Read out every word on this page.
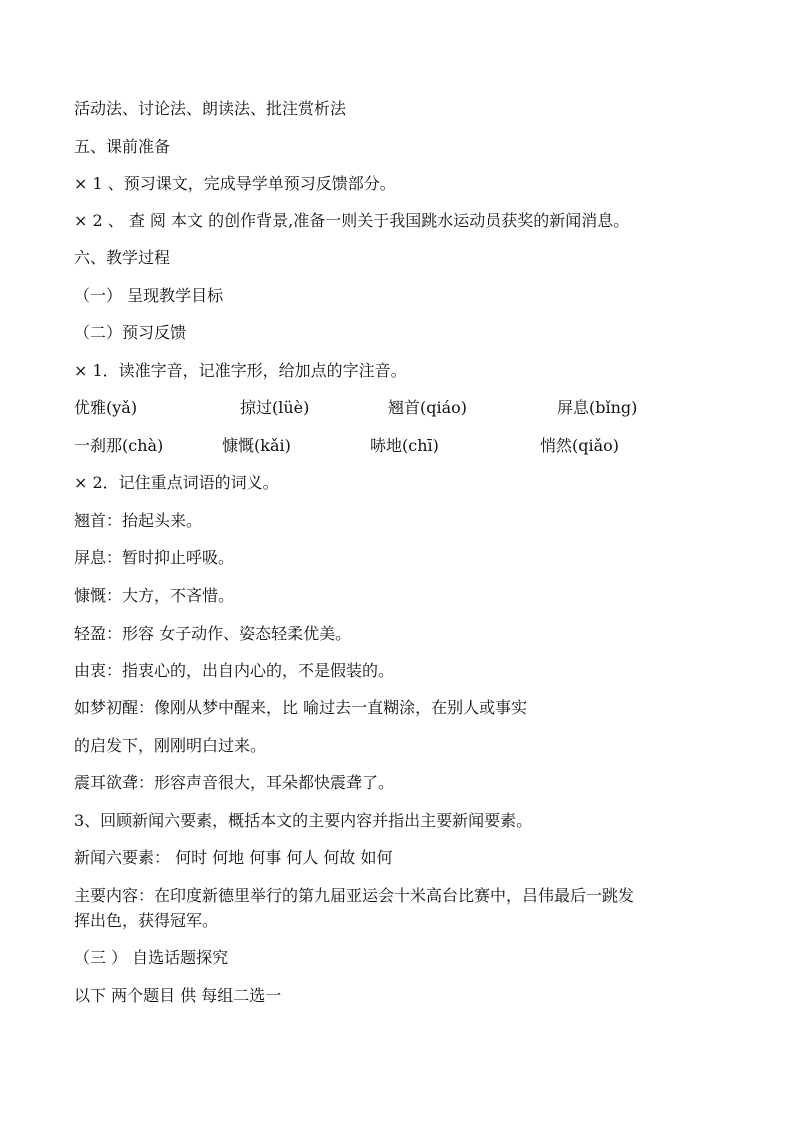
活动法、讨论法、朗读法、批注赏析法
五、课前准备
× 1 、预习课文，完成导学单预习反馈部分。
× 2 、 查 阅 本文 的创作背景,准备一则关于我国跳水运动员获奖的新闻消息。
六、教学过程
（一） 呈现教学目标
（二）预习反馈
× 1．读准字音，记准字形，给加点的字注音。
优雅(yǎ)	掠过(lüè)	翘首(qiáo)	屏息(bǐng)
一刹那(chà)	慷慨(kǎi)	哧地(chī)	悄然(qiǎo)
× 2．记住重点词语的词义。
翘首：抬起头来。
屏息：暂时抑止呼吸。
慷慨：大方，不吝惜。
轻盈：形容 女子动作、姿态轻柔优美。
由衷：指衷心的，出自内心的，不是假装的。
如梦初醒：像刚从梦中醒来，比 喻过去一直糊涂，在别人或事实
的启发下，刚刚明白过来。
震耳欲聋：形容声音很大，耳朵都快震聋了。
3、回顾新闻六要素，概括本文的主要内容并指出主要新闻要素。
新闻六要素： 何时 何地 何事 何人 何故 如何
主要内容：在印度新德里举行的第九届亚运会十米高台比赛中，吕伟最后一跳发
挥出色，获得冠军。
（三 ） 自选话题探究
以下 两个题目 供 每组二选一
